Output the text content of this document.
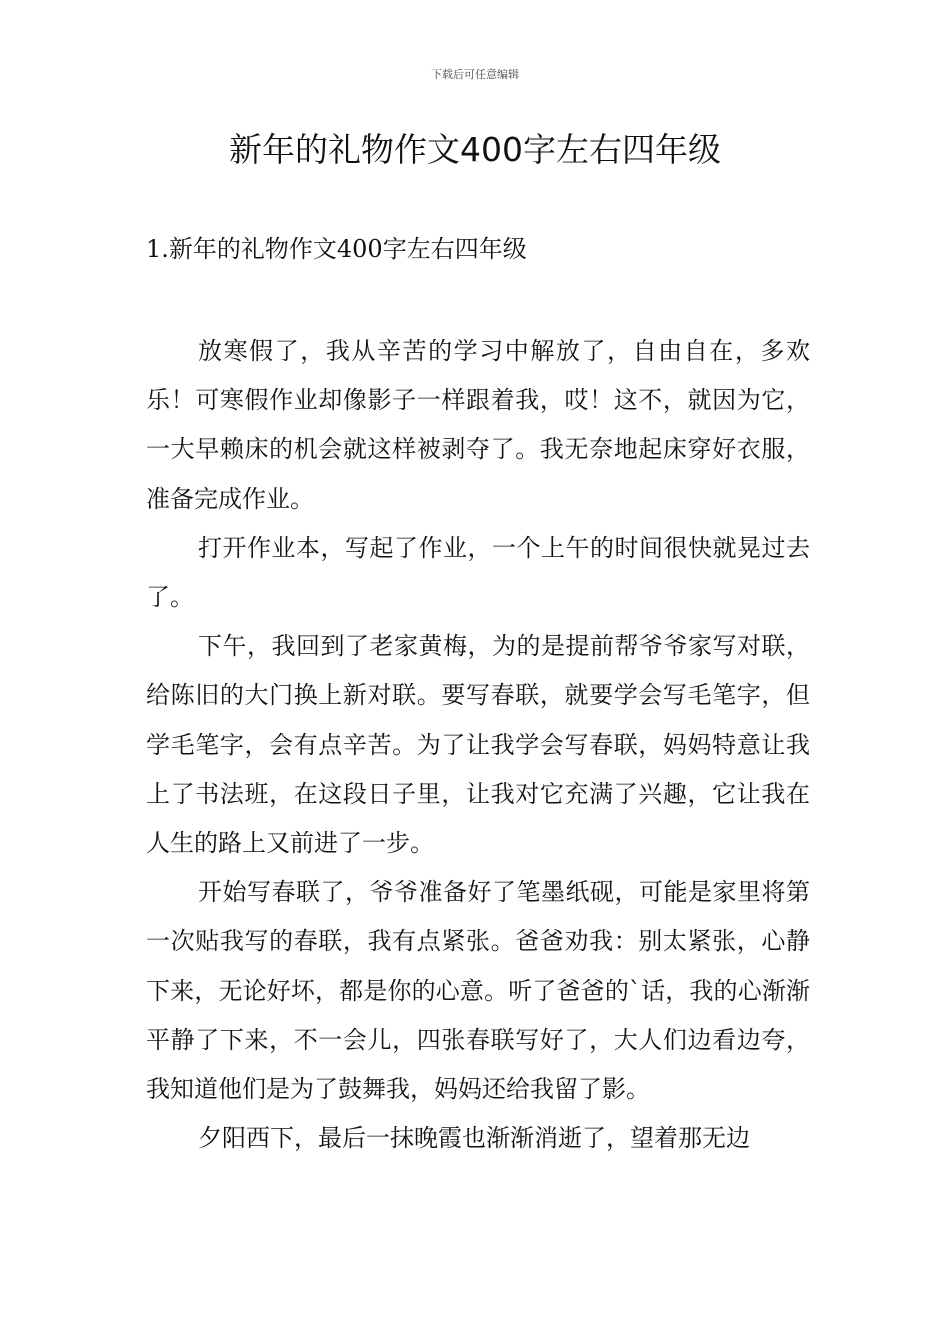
下载后可任意编辑
新年的礼物作文400字左右四年级
1.新年的礼物作文400字左右四年级

放寒假了，我从辛苦的学习中解放了，自由自在，多欢乐！可寒假作业却像影子一样跟着我，哎！这不，就因为它，一大早赖床的机会就这样被剥夺了。我无奈地起床穿好衣服，准备完成作业。

打开作业本，写起了作业，一个上午的时间很快就晃过去了。

下午，我回到了老家黄梅，为的是提前帮爷爷家写对联，给陈旧的大门换上新对联。要写春联，就要学会写毛笔字，但学毛笔字，会有点辛苦。为了让我学会写春联，妈妈特意让我上了书法班，在这段日子里，让我对它充满了兴趣，它让我在人生的路上又前进了一步。

开始写春联了，爷爷准备好了笔墨纸砚，可能是家里将第一次贴我写的春联，我有点紧张。爸爸劝我：别太紧张，心静下来，无论好坏，都是你的心意。听了爸爸的`话，我的心渐渐平静了下来，不一会儿，四张春联写好了，大人们边看边夸，我知道他们是为了鼓舞我，妈妈还给我留了影。

夕阳西下，最后一抹晚霞也渐渐消逝了，望着那无边
